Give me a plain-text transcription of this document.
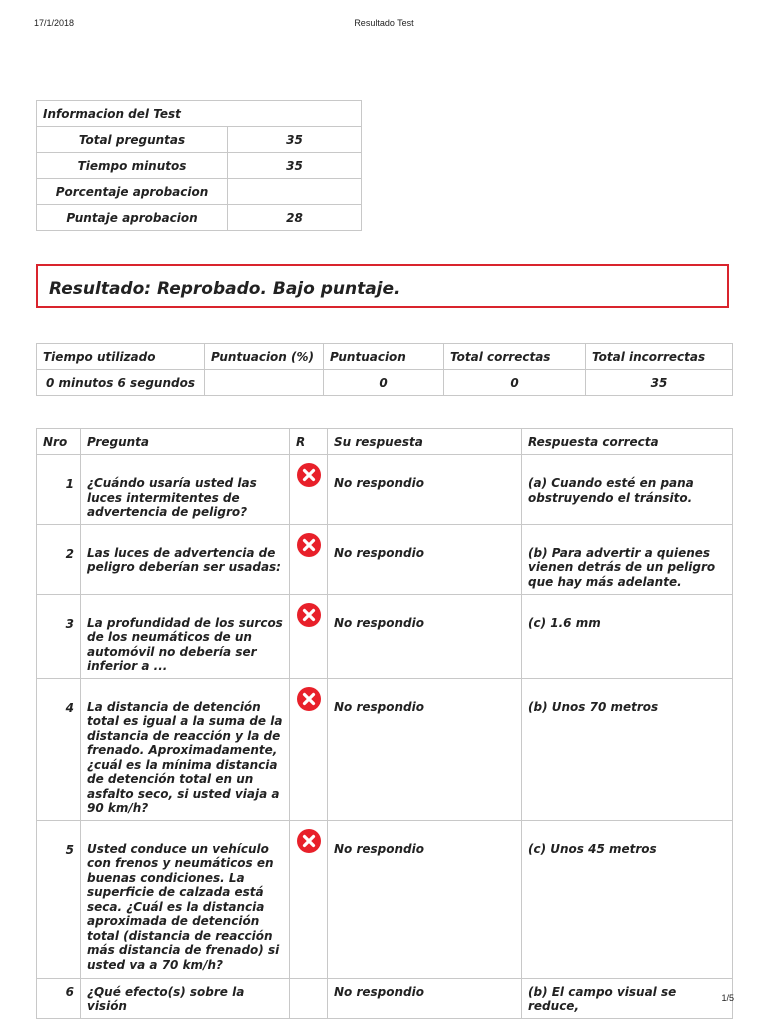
17/1/2018	Resultado Test
Informacion del Test	
Total preguntas	35
Tiempo minutos	35
Porcentaje aprobacion	
Puntaje aprobacion	28
Resultado: Reprobado. Bajo puntaje.
Tiempo utilizado	Puntuacion (%)	Puntuacion	Total correctas	Total incorrectas
0 minutos 6 segundos		0	0	35
Nro	Pregunta	R	Su respuesta	Respuesta correcta
1	¿Cuándo usaría usted las luces intermitentes de advertencia de peligro?		No respondio	(a) Cuando esté en pana obstruyendo el tránsito.
2	Las luces de advertencia de peligro deberían ser usadas:		No respondio	(b) Para advertir a quienes vienen detrás de un peligro que hay más adelante.
3	La profundidad de los surcos de los neumáticos de un automóvil no debería ser inferior a ...		No respondio	(c) 1.6 mm
4	La distancia de detención total es igual a la suma de la distancia de reacción y la de frenado. Aproximadamente, ¿cuál es la mínima distancia de detención total en un asfalto seco, si usted viaja a 90 km/h?		No respondio	(b) Unos 70 metros
5	Usted conduce un vehículo con frenos y neumáticos en buenas condiciones. La superficie de calzada está seca. ¿Cuál es la distancia aproximada de detención total (distancia de reacción más distancia de frenado) si usted va a 70 km/h?		No respondio	(c) Unos 45 metros
6	¿Qué efecto(s) sobre la visión		No respondio	(b) El campo visual se reduce,
1/5
